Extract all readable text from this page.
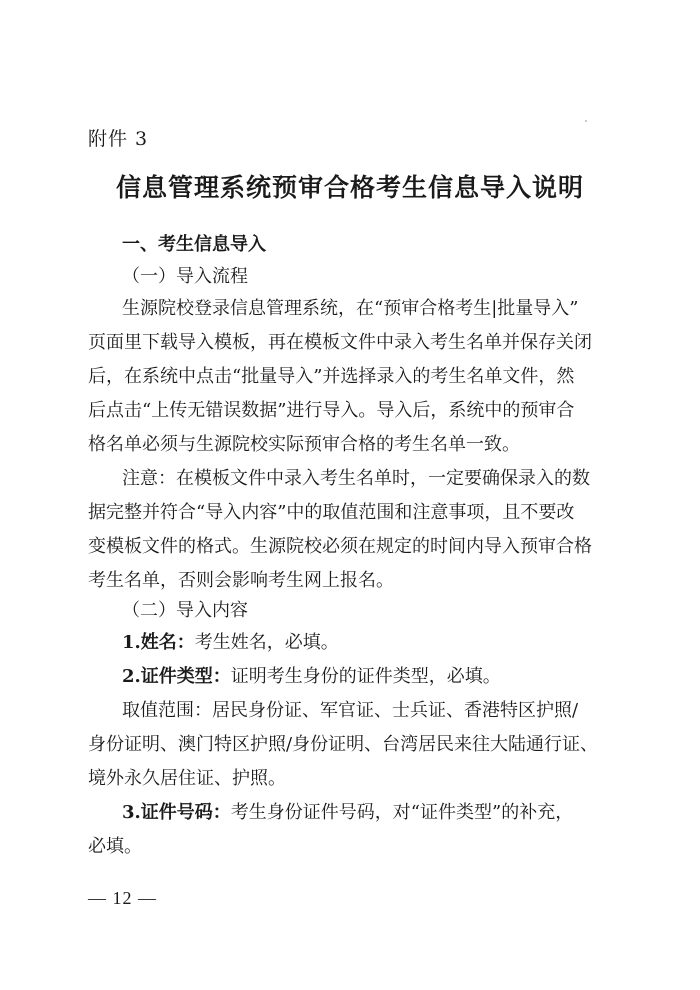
附件 3
信息管理系统预审合格考生信息导入说明
一、考生信息导入
（一）导入流程
生源院校登录信息管理系统，在“预审合格考生|批量导入”
页面里下载导入模板，再在模板文件中录入考生名单并保存关闭
后，在系统中点击“批量导入”并选择录入的考生名单文件，然
后点击“上传无错误数据”进行导入。导入后，系统中的预审合
格名单必须与生源院校实际预审合格的考生名单一致。
注意：在模板文件中录入考生名单时，一定要确保录入的数
据完整并符合“导入内容”中的取值范围和注意事项，且不要改
变模板文件的格式。生源院校必须在规定的时间内导入预审合格
考生名单，否则会影响考生网上报名。
（二）导入内容
1.姓名：考生姓名，必填。
2.证件类型：证明考生身份的证件类型，必填。
取值范围：居民身份证、军官证、士兵证、香港特区护照/
身份证明、澳门特区护照/身份证明、台湾居民来往大陆通行证、
境外永久居住证、护照。
3.证件号码：考生身份证件号码，对“证件类型”的补充，
必填。
— 12 —
